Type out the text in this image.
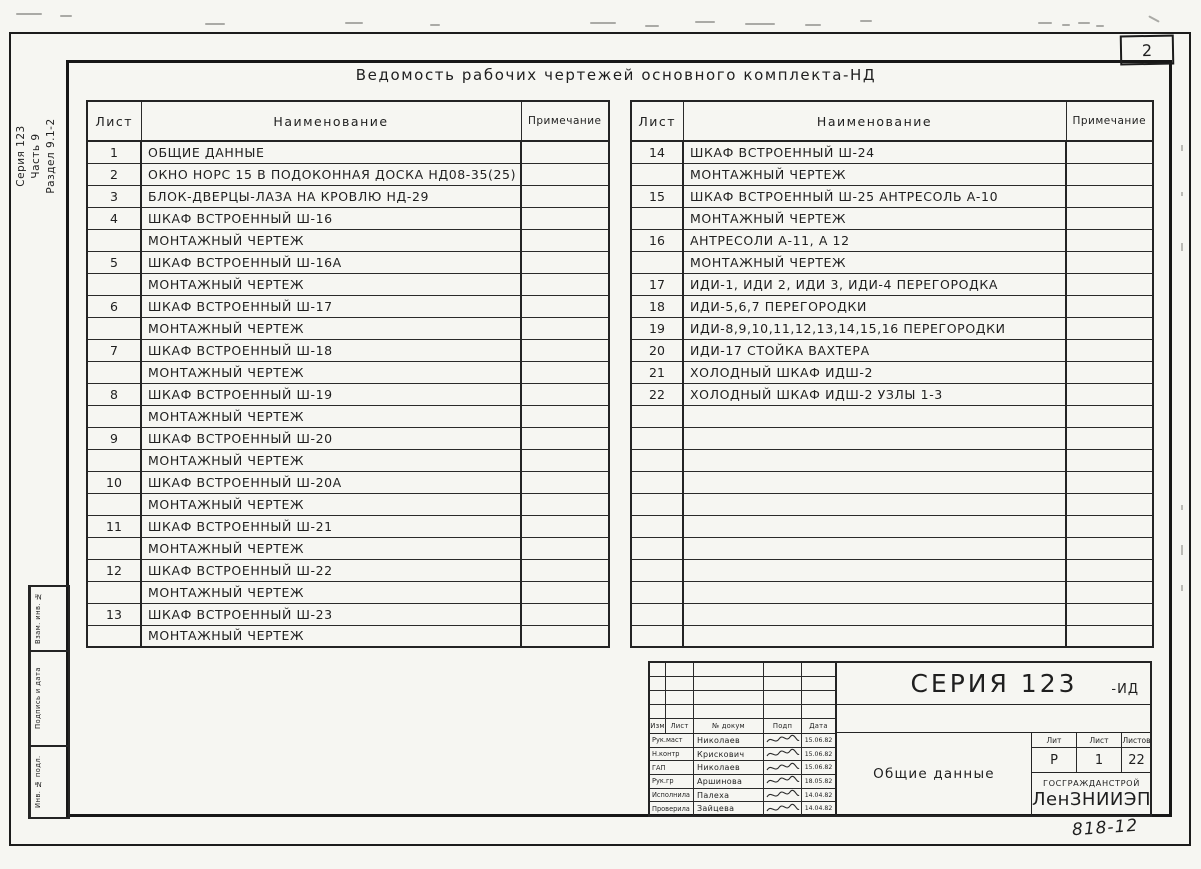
2
Ведомость рабочих чертежей основного комплекта-НД
Серия 123 Часть 9 Раздел 9.1-2
Взам. инв. №
Подпись и дата
Инв. № подл.
Лист	Наименование	Примечание
1	ОБЩИЕ ДАННЫЕ	
2	ОКНО НОРС 15 В ПОДОКОННАЯ ДОСКА НД08-35(25)	
3	БЛОК-ДВЕРЦЫ-ЛАЗА НА КРОВЛЮ НД-29	
4	ШКАФ ВСТРОЕННЫЙ Ш-16	
	МОНТАЖНЫЙ ЧЕРТЕЖ	
5	ШКАФ ВСТРОЕННЫЙ Ш-16А	
	МОНТАЖНЫЙ ЧЕРТЕЖ	
6	ШКАФ ВСТРОЕННЫЙ Ш-17	
	МОНТАЖНЫЙ ЧЕРТЕЖ	
7	ШКАФ ВСТРОЕННЫЙ Ш-18	
	МОНТАЖНЫЙ ЧЕРТЕЖ	
8	ШКАФ ВСТРОЕННЫЙ Ш-19	
	МОНТАЖНЫЙ ЧЕРТЕЖ	
9	ШКАФ ВСТРОЕННЫЙ Ш-20	
	МОНТАЖНЫЙ ЧЕРТЕЖ	
10	ШКАФ ВСТРОЕННЫЙ Ш-20А	
	МОНТАЖНЫЙ ЧЕРТЕЖ	
11	ШКАФ ВСТРОЕННЫЙ Ш-21	
	МОНТАЖНЫЙ ЧЕРТЕЖ	
12	ШКАФ ВСТРОЕННЫЙ Ш-22	
	МОНТАЖНЫЙ ЧЕРТЕЖ	
13	ШКАФ ВСТРОЕННЫЙ Ш-23	
	МОНТАЖНЫЙ ЧЕРТЕЖ	
Лист	Наименование	Примечание
14	ШКАФ ВСТРОЕННЫЙ Ш-24	
	МОНТАЖНЫЙ ЧЕРТЕЖ	
15	ШКАФ ВСТРОЕННЫЙ Ш-25 АНТРЕСОЛЬ А-10	
	МОНТАЖНЫЙ ЧЕРТЕЖ	
16	АНТРЕСОЛИ А-11, А 12	
	МОНТАЖНЫЙ ЧЕРТЕЖ	
17	ИДИ-1, ИДИ 2, ИДИ 3, ИДИ-4 ПЕРЕГОРОДКА	
18	ИДИ-5,6,7 ПЕРЕГОРОДКИ	
19	ИДИ-8,9,10,11,12,13,14,15,16 ПЕРЕГОРОДКИ	
20	ИДИ-17 СТОЙКА ВАХТЕРА	
21	ХОЛОДНЫЙ ШКАФ ИДШ-2	
22	ХОЛОДНЫЙ ШКАФ ИДШ-2 УЗЛЫ 1-3	

Изм Лист	№ докум	Подп	Дата
Рук.маст	Николаев	15.06.82
Н.контр	Крискович	15.06.82
ГАП	Николаев	15.06.82
Рук.гр	Аршинова	18.05.82
Исполнила Палеха	14.04.82
Проверила Зайцева	14.04.82
СЕРИЯ 123	-ИД
Общие данные
Лит	Лист	Листов
Р	1	22
ГОСГРАЖДАНСТРОЙ
ЛенЗНИИЭП
818-12
